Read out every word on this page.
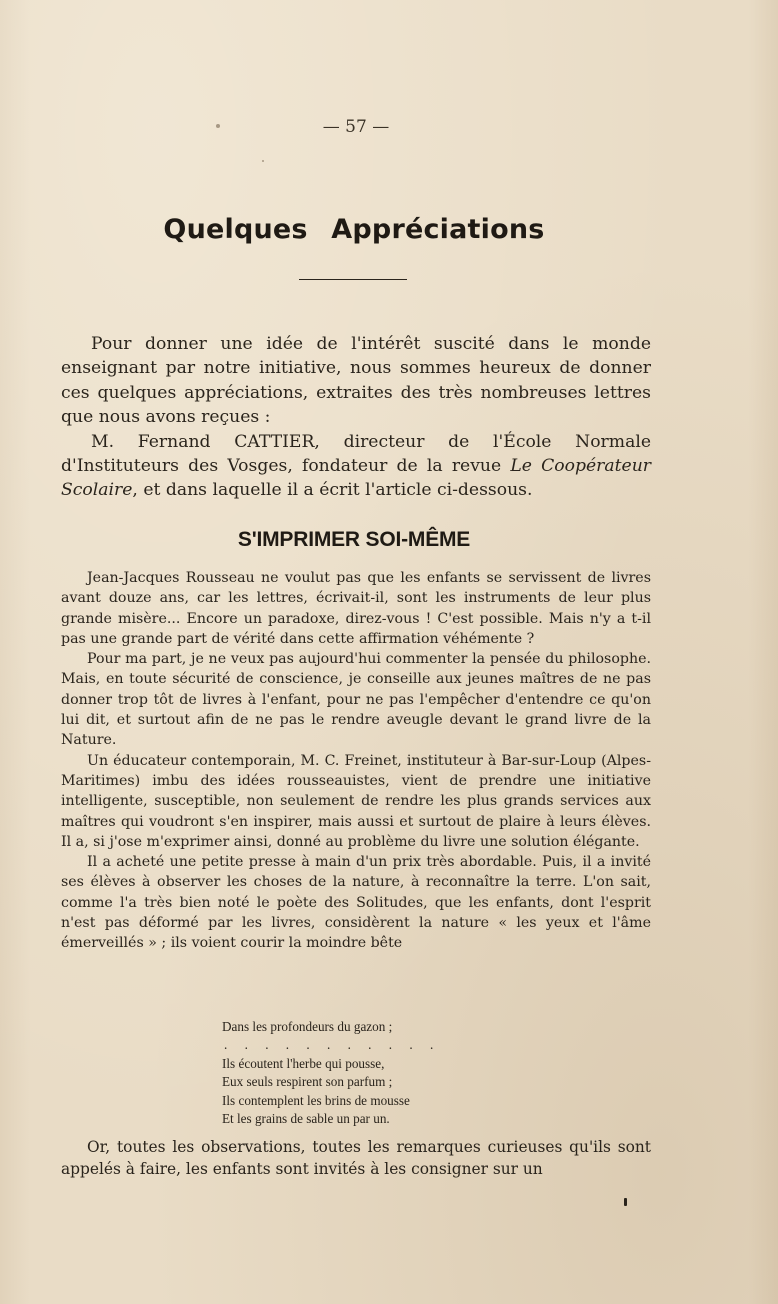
— 57 —
Quelques Appréciations

Pour donner une idée de l'intérêt suscité dans le monde enseignant par notre initiative, nous sommes heureux de donner ces quelques appréciations, extraites des très nombreuses lettres que nous avons reçues :

M. Fernand CATTIER, directeur de l'École Normale d'Instituteurs des Vosges, fondateur de la revue Le Coopérateur Scolaire, et dans laquelle il a écrit l'article ci-dessous.

S'IMPRIMER SOI-MÊME

Jean-Jacques Rousseau ne voulut pas que les enfants se servissent de livres avant douze ans, car les lettres, écrivait-il, sont les instruments de leur plus grande misère... Encore un paradoxe, direz-vous ! C'est possible. Mais n'y a t-il pas une grande part de vérité dans cette affirmation véhémente ?

Pour ma part, je ne veux pas aujourd'hui commenter la pensée du philosophe. Mais, en toute sécurité de conscience, je conseille aux jeunes maîtres de ne pas donner trop tôt de livres à l'enfant, pour ne pas l'empêcher d'entendre ce qu'on lui dit, et surtout afin de ne pas le rendre aveugle devant le grand livre de la Nature.

Un éducateur contemporain, M. C. Freinet, instituteur à Bar-sur-Loup (Alpes-Maritimes) imbu des idées rousseauistes, vient de prendre une initiative intelligente, susceptible, non seulement de rendre les plus grands services aux maîtres qui voudront s'en inspirer, mais aussi et surtout de plaire à leurs élèves. Il a, si j'ose m'exprimer ainsi, donné au problème du livre une solution élégante.

Il a acheté une petite presse à main d'un prix très abordable. Puis, il a invité ses élèves à observer les choses de la nature, à reconnaître la terre. L'on sait, comme l'a très bien noté le poète des Solitudes, que les enfants, dont l'esprit n'est pas déformé par les livres, considèrent la nature « les yeux et l'âme émerveillés » ; ils voient courir la moindre bête

Dans les profondeurs du gazon ;
. . . . . . . . . . .
Ils écoutent l'herbe qui pousse,
Eux seuls respirent son parfum ;
Ils contemplent les brins de mousse
Et les grains de sable un par un.

Or, toutes les observations, toutes les remarques curieuses qu'ils sont appelés à faire, les enfants sont invités à les consigner sur un
